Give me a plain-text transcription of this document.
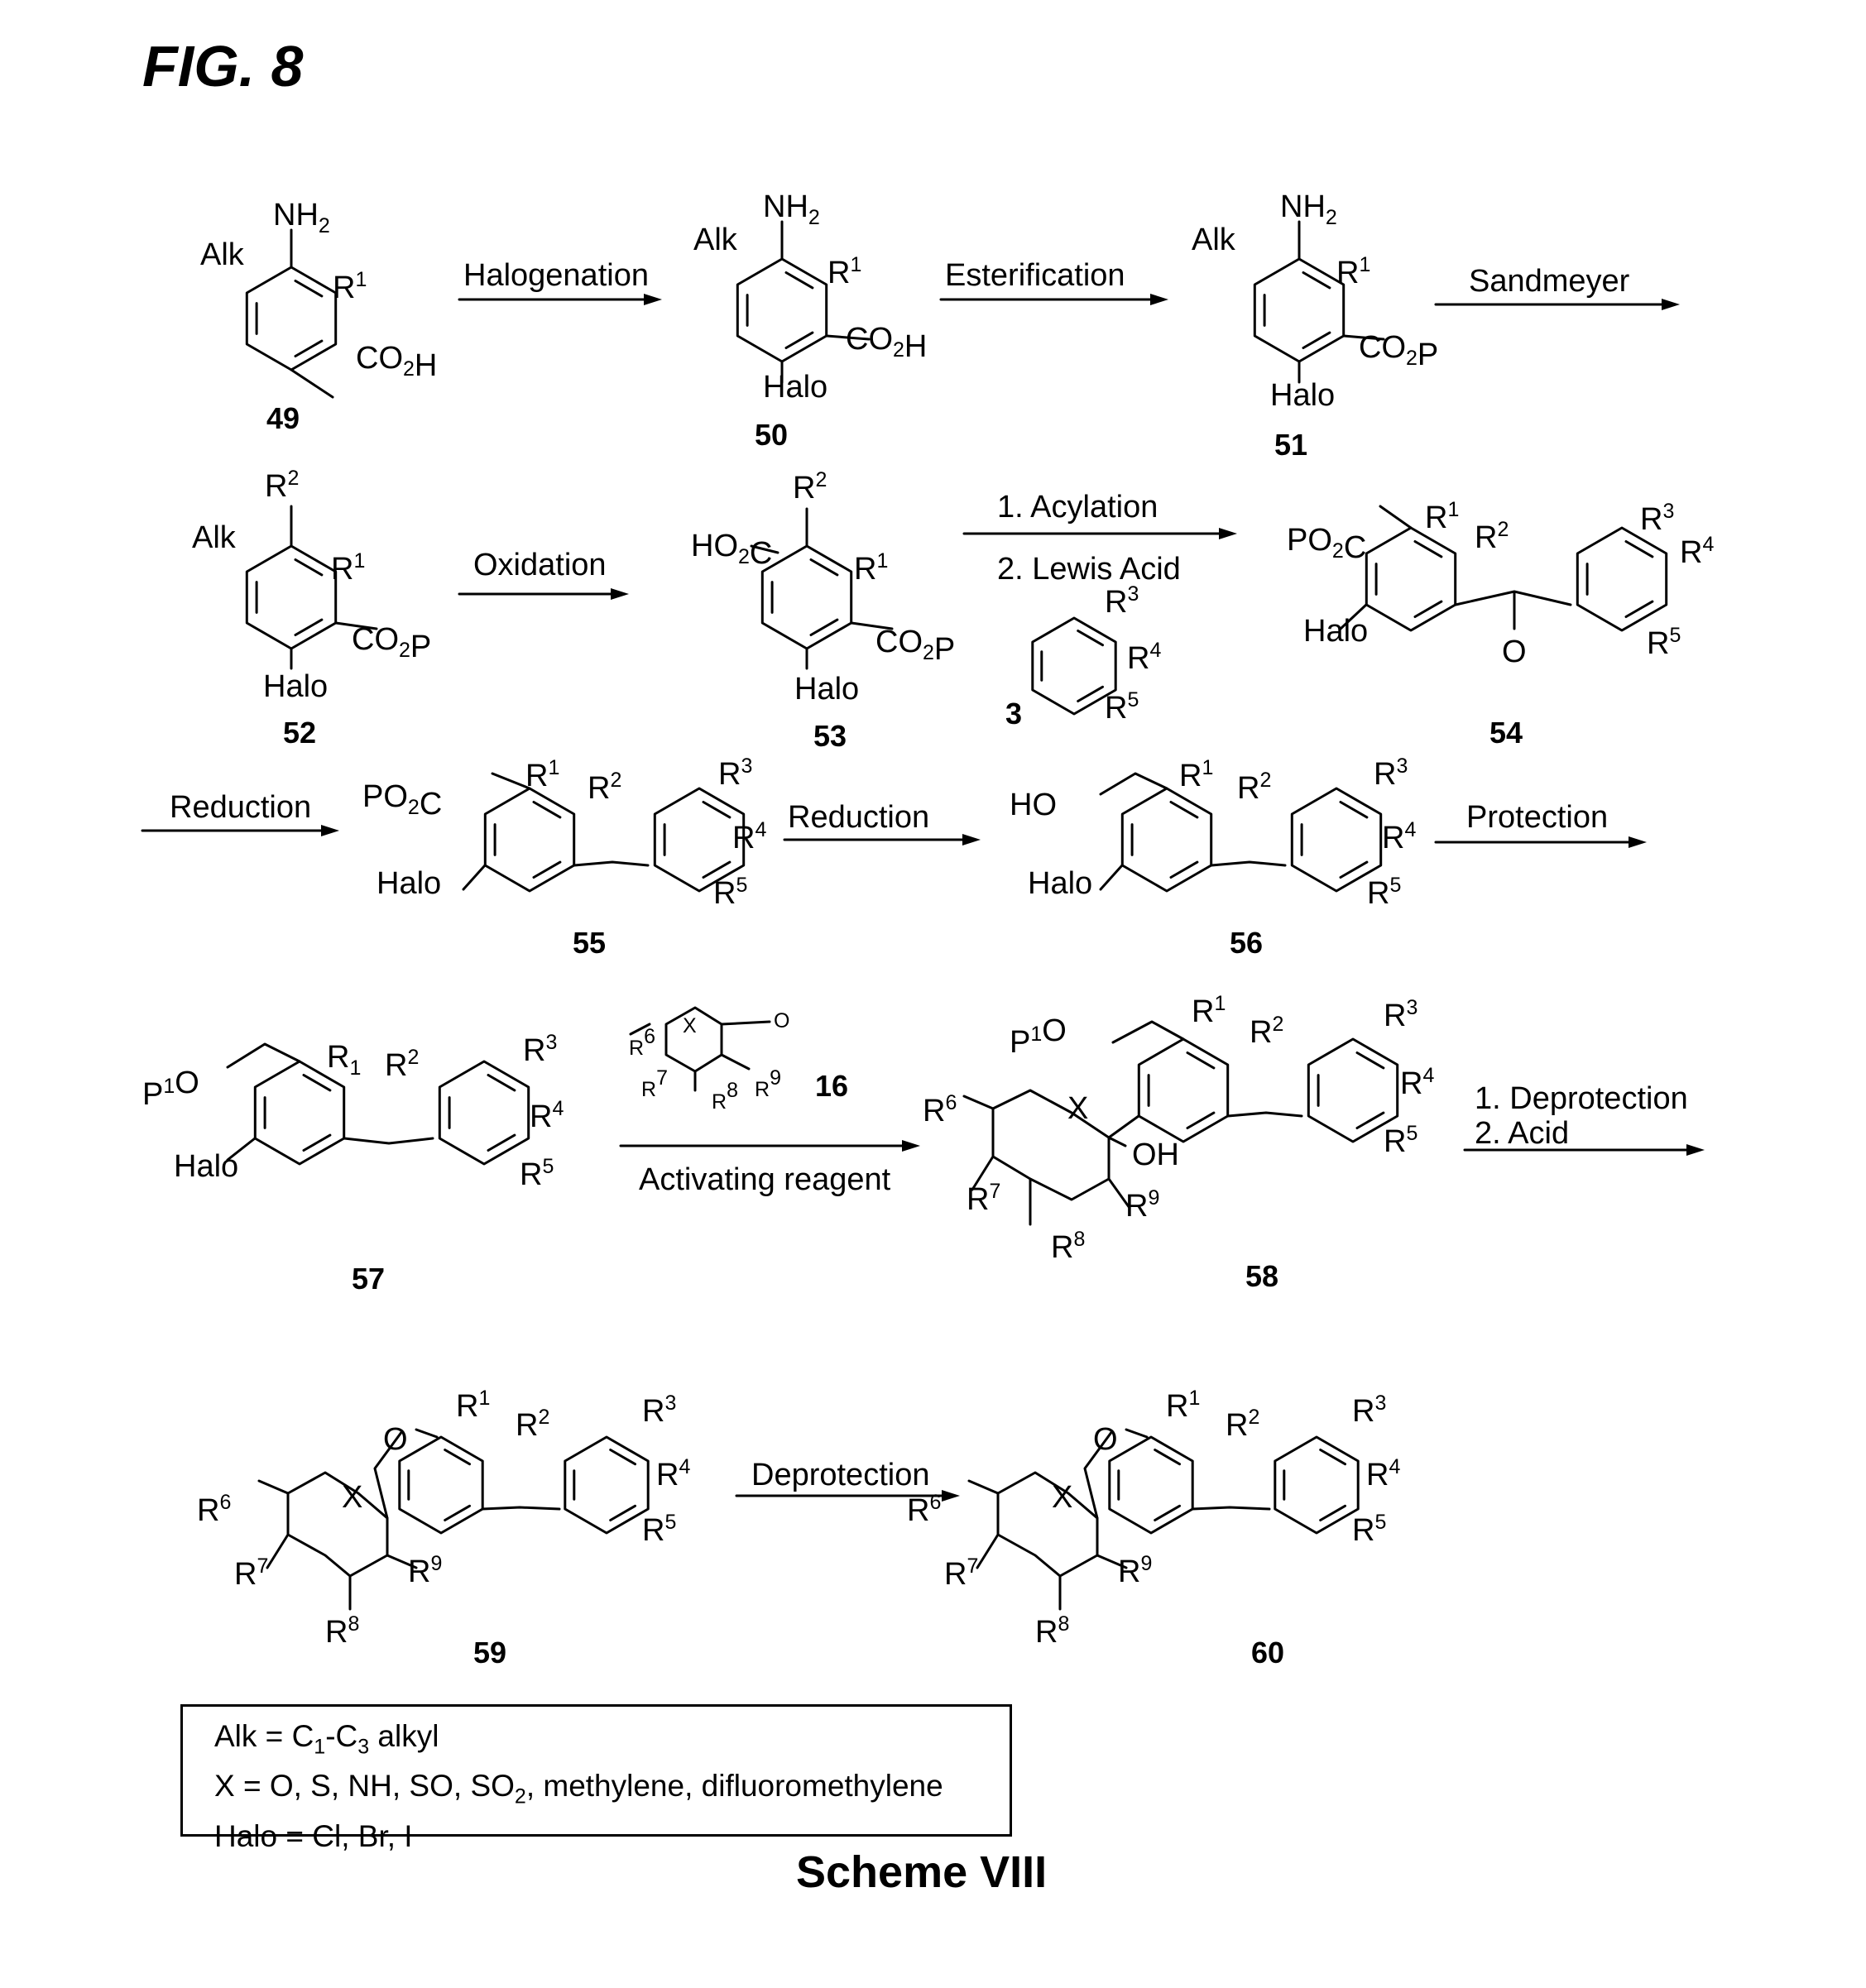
FIG. 8
$NH_2$
Alk
$R^1$
$CO_2H$
49
$NH_2$
Alk
$R^1$
$CO_2H$
Halo
50
$NH_2$
Alk
$R^1$
$CO_2P$
Halo
51
Halogenation	Esterification	Sandmeyer
$R^2$
Alk
$R^1$
$CO_2P$
Halo
52
$R^2$
$HO_2C$	$R^1$
$CO_2P$
Halo
53
Oxidation
$R^3$
$R^4$
$R^5$
3
1. Acylation
2. Lewis Acid
$PO_2C$
Halo
$R^1$
$R^2$
O
$R^3$
$R^4$
$R^5$
54
Reduction $PO_2C$
Halo
$R^1$
$R^2$	$R^3$
$R^4$
$R^5$
55
Reduction	HO
Halo
$R^1$
$R^2$	$R^3$
$R^4$
$R^5$
56
Protection
$P^1O$
Halo
$R_1$ $R^2$	$R^3$
$R^4$
$R^5$
57
R6 X	O
R7
R8 R9 16
Activating reagent
$P^1O$
X
OH
$R^6$
$R^7$
$R^8$
$R^9$
$R^1$
$R^2$	$R^3$
$R^4$
$R^5$
58
1. Deprotection
2. Acid
O
X
$R^6$
$R^7$
$R^8$
$R^9$
$R^1$
$R^2$	$R^3$
$R^4$
$R^5$
59
Deprotection
O
X
$R^6$
$R^7$
$R^8$
$R^9$
$R^1$
$R^2$	$R^3$
$R^4$
$R^5$
60
Alk = $C_1-C_3$ alkyl
X = O, S, NH, SO, $SO_2$, methylene, difluoromethylene
Halo = Cl, Br, I
Scheme VIII
